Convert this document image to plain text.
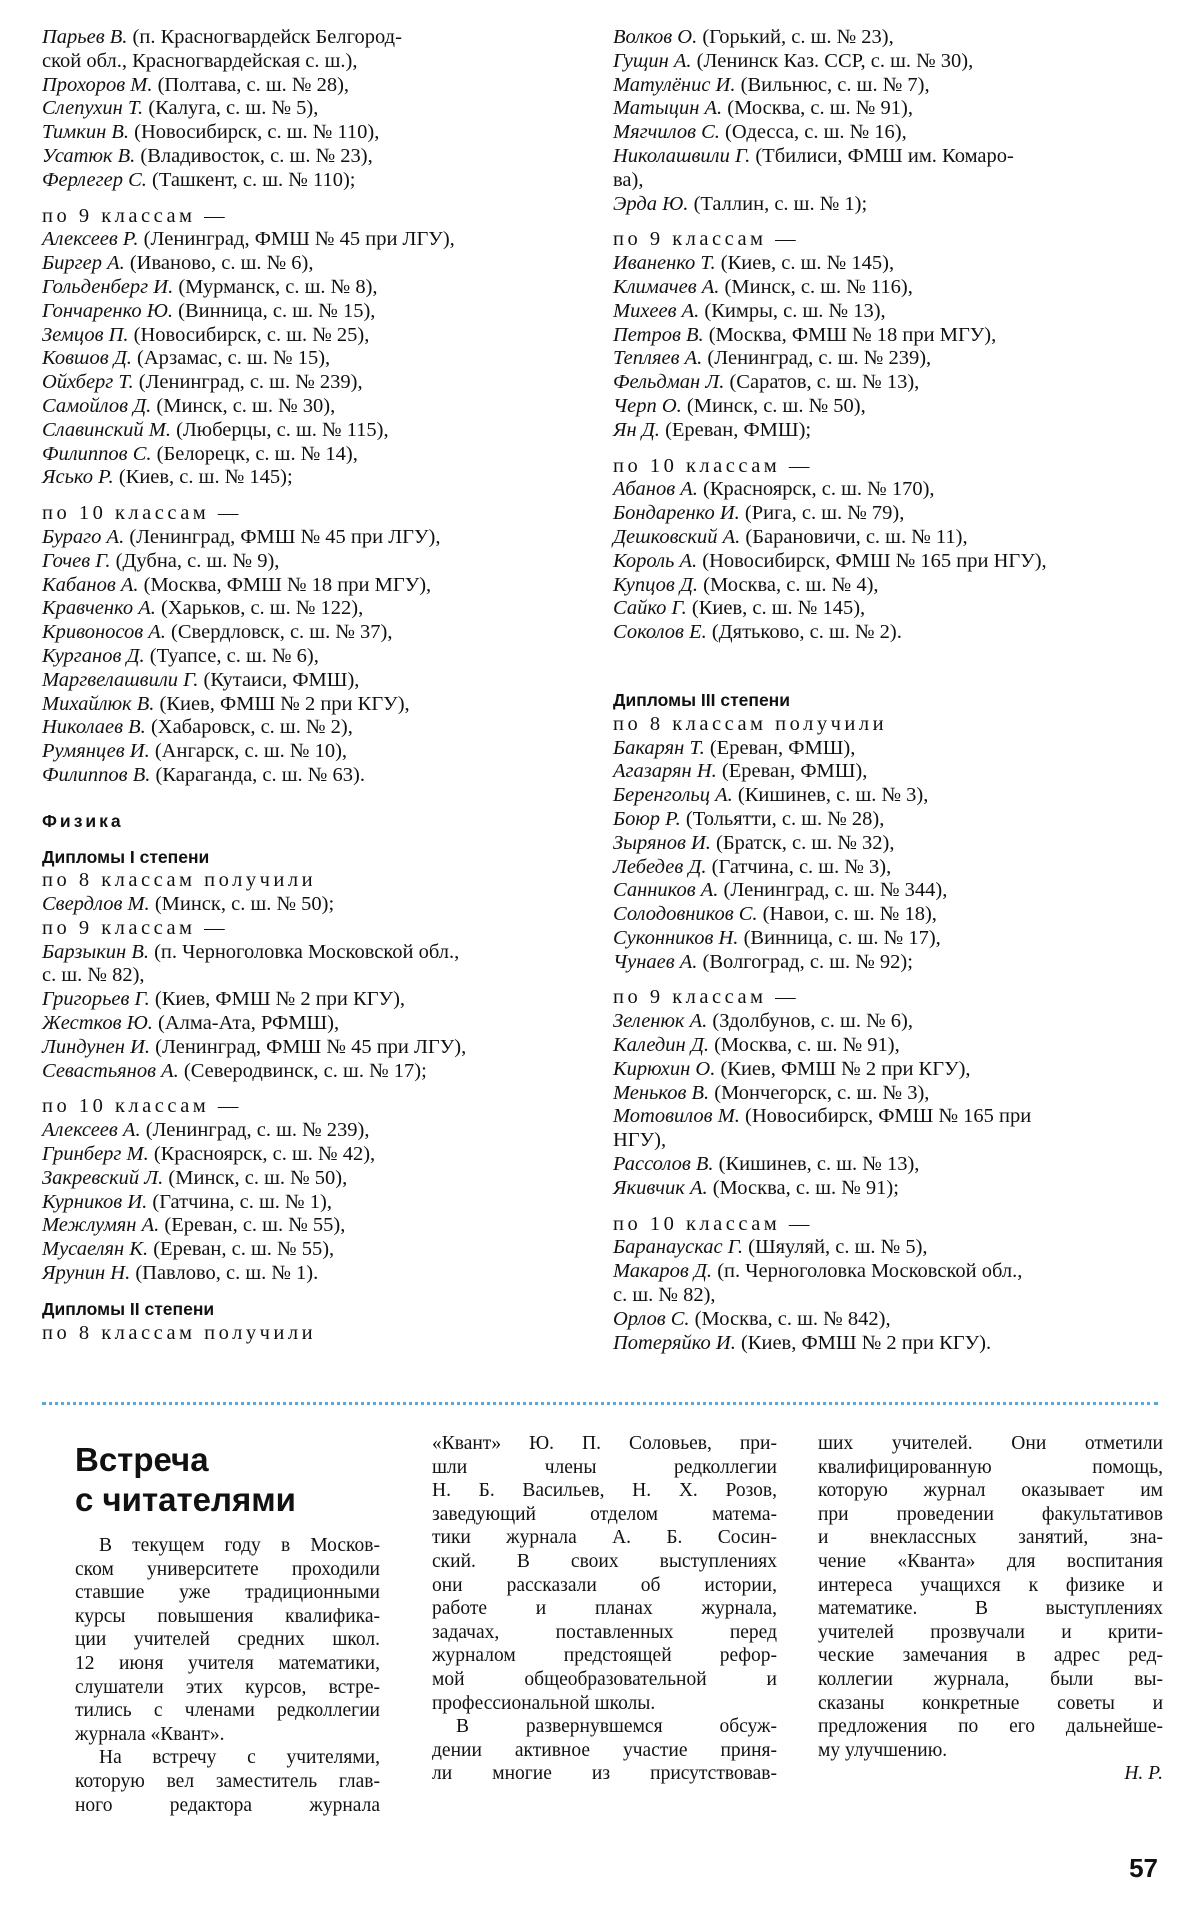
Парьев В. (п. Красногвардейск Белгород-
ской обл., Красногвардейская с. ш.),
Прохоров М. (Полтава, с. ш. № 28),
Слепухин Т. (Калуга, с. ш. № 5),
Тимкин В. (Новосибирск, с. ш. № 110),
Усатюк В. (Владивосток, с. ш. № 23),
Ферлегер С. (Ташкент, с. ш. № 110);
по 9 классам —
Алексеев Р. (Ленинград, ФМШ № 45 при ЛГУ),
Биргер А. (Иваново, с. ш. № 6),
Гольденберг И. (Мурманск, с. ш. № 8),
Гончаренко Ю. (Винница, с. ш. № 15),
Земцов П. (Новосибирск, с. ш. № 25),
Ковшов Д. (Арзамас, с. ш. № 15),
Ойхберг Т. (Ленинград, с. ш. № 239),
Самойлов Д. (Минск, с. ш. № 30),
Славинский М. (Люберцы, с. ш. № 115),
Филиппов С. (Белорецк, с. ш. № 14),
Ясько Р. (Киев, с. ш. № 145);
по 10 классам —
Бураго А. (Ленинград, ФМШ № 45 при ЛГУ),
Гочев Г. (Дубна, с. ш. № 9),
Кабанов А. (Москва, ФМШ № 18 при МГУ),
Кравченко А. (Харьков, с. ш. № 122),
Кривоносов А. (Свердловск, с. ш. № 37),
Курганов Д. (Туапсе, с. ш. № 6),
Маргвелашвили Г. (Кутаиси, ФМШ),
Михайлюк В. (Киев, ФМШ № 2 при КГУ),
Николаев В. (Хабаровск, с. ш. № 2),
Румянцев И. (Ангарск, с. ш. № 10),
Филиппов В. (Караганда, с. ш. № 63).
Физика
Дипломы I степени
по 8 классам получили
Свердлов М. (Минск, с. ш. № 50);
по 9 классам —
Барзыкин В. (п. Черноголовка Московской обл.,
с. ш. № 82),
Григорьев Г. (Киев, ФМШ № 2 при КГУ),
Жестков Ю. (Алма-Ата, РФМШ),
Линдунен И. (Ленинград, ФМШ № 45 при ЛГУ),
Севастьянов А. (Северодвинск, с. ш. № 17);
по 10 классам —
Алексеев А. (Ленинград, с. ш. № 239),
Гринберг М. (Красноярск, с. ш. № 42),
Закревский Л. (Минск, с. ш. № 50),
Курников И. (Гатчина, с. ш. № 1),
Межлумян А. (Ереван, с. ш. № 55),
Мусаелян К. (Ереван, с. ш. № 55),
Ярунин Н. (Павлово, с. ш. № 1).
Дипломы II степени
по 8 классам получили
Волков О. (Горький, с. ш. № 23),
Гущин А. (Ленинск Каз. ССР, с. ш. № 30),
Матулёнис И. (Вильнюс, с. ш. № 7),
Матыцин А. (Москва, с. ш. № 91),
Мягчилов С. (Одесса, с. ш. № 16),
Николашвили Г. (Тбилиси, ФМШ им. Комаро-
ва),
Эрда Ю. (Таллин, с. ш. № 1);
по 9 классам —
Иваненко Т. (Киев, с. ш. № 145),
Климачев А. (Минск, с. ш. № 116),
Михеев А. (Кимры, с. ш. № 13),
Петров В. (Москва, ФМШ № 18 при МГУ),
Тепляев А. (Ленинград, с. ш. № 239),
Фельдман Л. (Саратов, с. ш. № 13),
Черп О. (Минск, с. ш. № 50),
Ян Д. (Ереван, ФМШ);
по 10 классам —
Абанов А. (Красноярск, с. ш. № 170),
Бондаренко И. (Рига, с. ш. № 79),
Дешковский А. (Барановичи, с. ш. № 11),
Король А. (Новосибирск, ФМШ № 165 при НГУ),
Купцов Д. (Москва, с. ш. № 4),
Сайко Г. (Киев, с. ш. № 145),
Соколов Е. (Дятьково, с. ш. № 2).
Дипломы III степени
по 8 классам получили
Бакарян Т. (Ереван, ФМШ),
Агазарян Н. (Ереван, ФМШ),
Беренгольц А. (Кишинев, с. ш. № 3),
Боюр Р. (Тольятти, с. ш. № 28),
Зырянов И. (Братск, с. ш. № 32),
Лебедев Д. (Гатчина, с. ш. № 3),
Санников А. (Ленинград, с. ш. № 344),
Солодовников С. (Навои, с. ш. № 18),
Суконников Н. (Винница, с. ш. № 17),
Чунаев А. (Волгоград, с. ш. № 92);
по 9 классам —
Зеленюк А. (Здолбунов, с. ш. № 6),
Каледин Д. (Москва, с. ш. № 91),
Кирюхин О. (Киев, ФМШ № 2 при КГУ),
Меньков В. (Мончегорск, с. ш. № 3),
Мотовилов М. (Новосибирск, ФМШ № 165 при
НГУ),
Рассолов В. (Кишинев, с. ш. № 13),
Якивчик А. (Москва, с. ш. № 91);
по 10 классам —
Баранаускас Г. (Шяуляй, с. ш. № 5),
Макаров Д. (п. Черноголовка Московской обл.,
с. ш. № 82),
Орлов С. (Москва, с. ш. № 842),
Потеряйко И. (Киев, ФМШ № 2 при КГУ).
Встреча
с читателями
В текущем году в Москов-
ском университете проходили
ставшие уже традиционными
курсы повышения квалифика-
ции учителей средних школ.
12 июня учителя математики,
слушатели этих курсов, встре-
тились с членами редколлегии
журнала «Квант».
На встречу с учителями,
которую вел заместитель глав-
ного редактора журнала
«Квант» Ю. П. Соловьев, при-
шли члены редколлегии
Н. Б. Васильев, Н. Х. Розов,
заведующий отделом матема-
тики журнала А. Б. Сосин-
ский. В своих выступлениях
они рассказали об истории,
работе и планах журнала,
задачах, поставленных перед
журналом предстоящей рефор-
мой общеобразовательной и
профессиональной школы.
В развернувшемся обсуж-
дении активное участие приня-
ли многие из присутствовав-
ших учителей. Они отметили
квалифицированную помощь,
которую журнал оказывает им
при проведении факультативов
и внеклассных занятий, зна-
чение «Кванта» для воспитания
интереса учащихся к физике и
математике. В выступлениях
учителей прозвучали и крити-
ческие замечания в адрес ред-
коллегии журнала, были вы-
сказаны конкретные советы и
предложения по его дальнейше-
му улучшению.
Н. Р.
57
